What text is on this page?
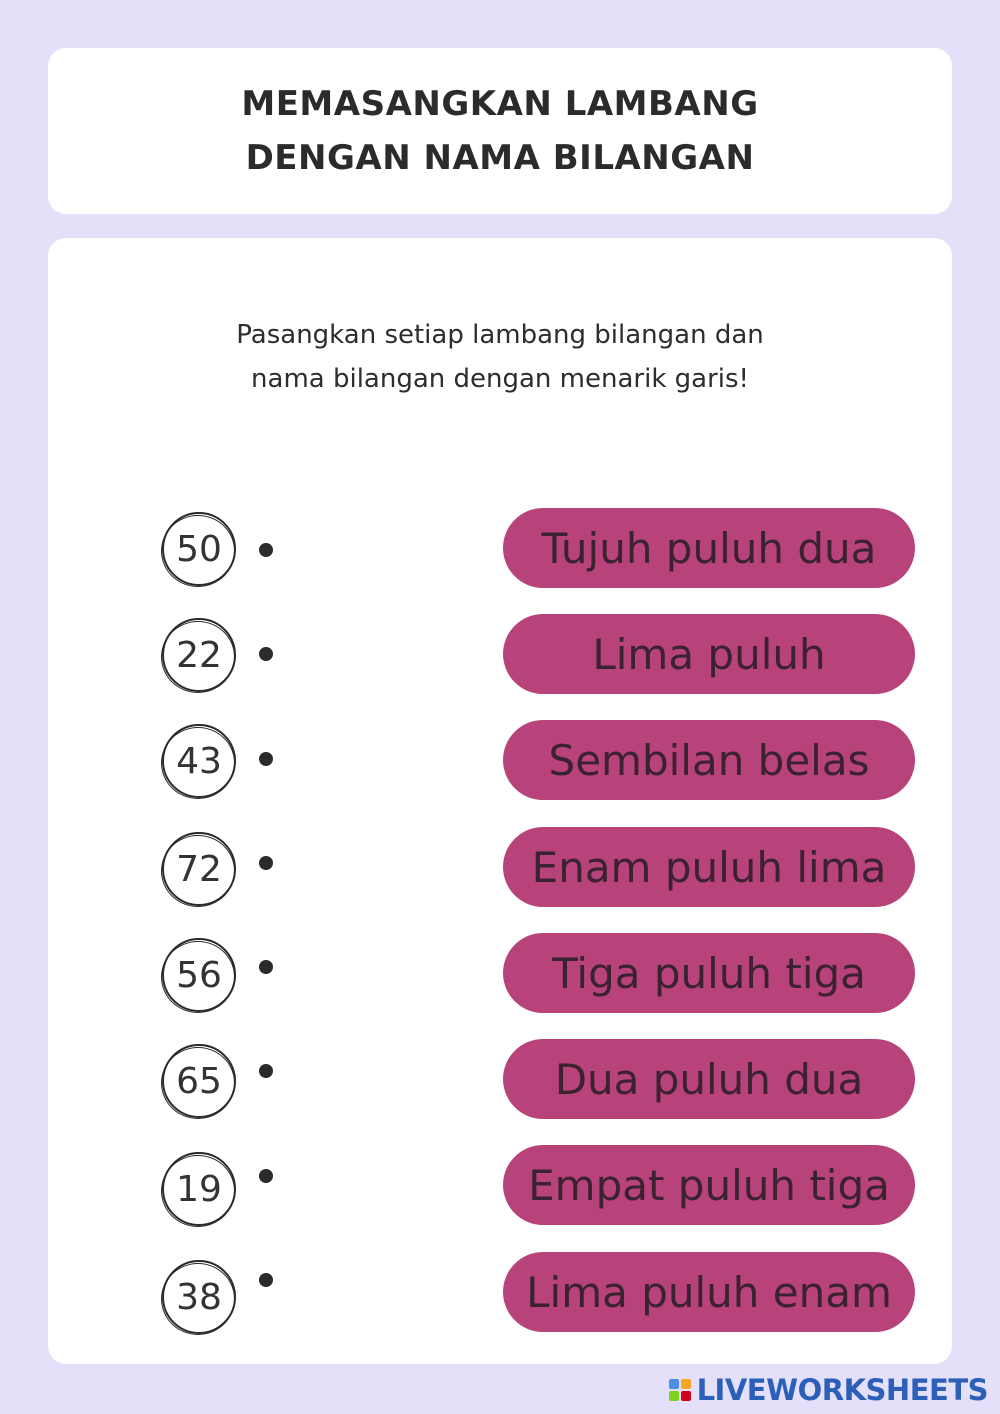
MEMASANGKAN LAMBANG
DENGAN NAMA BILANGAN
Pasangkan setiap lambang bilangan dan
nama bilangan dengan menarik garis!
50	Tujuh puluh dua
22	Lima puluh
43	Sembilan belas
72	Enam puluh lima
56	Tiga puluh tiga
65	Dua puluh dua
19	Empat puluh tiga
38	Lima puluh enam
LIVEWORKSHEETS
